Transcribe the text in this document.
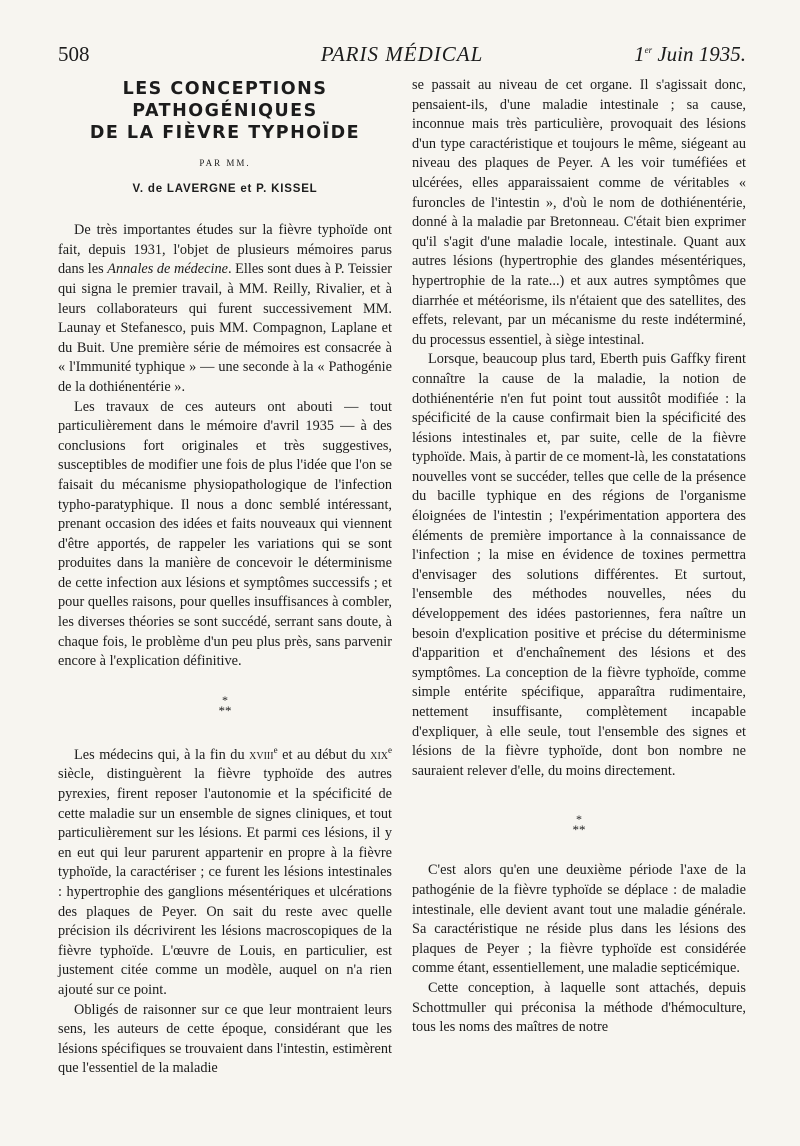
508	PARIS MÉDICAL	1er Juin 1935.
LES CONCEPTIONS
PATHOGÉNIQUES
DE LA FIÈVRE TYPHOÏDE
PAR MM.
V. de LAVERGNE et P. KISSEL

De très importantes études sur la fièvre typhoïde ont fait, depuis 1931, l'objet de plusieurs mémoires parus dans les Annales de médecine. Elles sont dues à P. Teissier qui signa le premier travail, à MM. Reilly, Rivalier, et à leurs collaborateurs qui furent successivement MM. Launay et Stefanesco, puis MM. Compagnon, Laplane et du Buit. Une première série de mémoires est consacrée à « l'Immunité typhique » — une seconde à la « Pathogénie de la dothiénentérie ».

Les travaux de ces auteurs ont abouti — tout particulièrement dans le mémoire d'avril 1935 — à des conclusions fort originales et très suggestives, susceptibles de modifier une fois de plus l'idée que l'on se faisait du mécanisme physiopathologique de l'infection typho-paratyphique. Il nous a donc semblé intéressant, prenant occasion des idées et faits nouveaux qui viennent d'être apportés, de rappeler les variations qui se sont produites dans la manière de concevoir le déterminisme de cette infection aux lésions et symptômes successifs ; et pour quelles raisons, pour quelles insuffisances à combler, les diverses théories se sont succédé, serrant sans doute, à chaque fois, le problème d'un peu plus près, sans parvenir encore à l'explication définitive.

*
**

Les médecins qui, à la fin du xviii$^e$ et au début du xix$^e$ siècle, distinguèrent la fièvre typhoïde des autres pyrexies, firent reposer l'autonomie et la spécificité de cette maladie sur un ensemble de signes cliniques, et tout particulièrement sur les lésions. Et parmi ces lésions, il y en eut qui leur parurent appartenir en propre à la fièvre typhoïde, la caractériser ; ce furent les lésions intestinales : hypertrophie des ganglions mésentériques et ulcérations des plaques de Peyer. On sait du reste avec quelle précision ils décrivirent les lésions macroscopiques de la fièvre typhoïde. L'œuvre de Louis, en particulier, est justement citée comme un modèle, auquel on n'a rien ajouté sur ce point.

Obligés de raisonner sur ce que leur montraient leurs sens, les auteurs de cette époque, considérant que les lésions spécifiques se trouvaient dans l'intestin, estimèrent que l'essentiel de la maladie

se passait au niveau de cet organe. Il s'agissait donc, pensaient-ils, d'une maladie intestinale ; sa cause, inconnue mais très particulière, provoquait des lésions d'un type caractéristique et toujours le même, siégeant au niveau des plaques de Peyer. A les voir tuméfiées et ulcérées, elles apparaissaient comme de véritables « furoncles de l'intestin », d'où le nom de dothiénentérie, donné à la maladie par Bretonneau. C'était bien exprimer qu'il s'agit d'une maladie locale, intestinale. Quant aux autres lésions (hypertrophie des glandes mésentériques, hypertrophie de la rate...) et aux autres symptômes que diarrhée et météorisme, ils n'étaient que des satellites, des effets, relevant, par un mécanisme du reste indéterminé, du processus essentiel, à siège intestinal.

Lorsque, beaucoup plus tard, Eberth puis Gaffky firent connaître la cause de la maladie, la notion de dothiénentérie n'en fut point tout aussitôt modifiée : la spécificité de la cause confirmait bien la spécificité des lésions intestinales et, par suite, celle de la fièvre typhoïde. Mais, à partir de ce moment-là, les constatations nouvelles vont se succéder, telles que celle de la présence du bacille typhique en des régions de l'organisme éloignées de l'intestin ; l'expérimentation apportera des éléments de première importance à la connaissance de l'infection ; la mise en évidence de toxines permettra d'envisager des solutions différentes. Et surtout, l'ensemble des méthodes nouvelles, nées du développement des idées pastoriennes, fera naître un besoin d'explication positive et précise du déterminisme d'apparition et d'enchaînement des lésions et des symptômes. La conception de la fièvre typhoïde, comme simple entérite spécifique, apparaîtra rudimentaire, nettement insuffisante, complètement incapable d'expliquer, à elle seule, tout l'ensemble des signes et lésions de la fièvre typhoïde, dont bon nombre ne sauraient relever d'elle, du moins directement.

*
**

C'est alors qu'en une deuxième période l'axe de la pathogénie de la fièvre typhoïde se déplace : de maladie intestinale, elle devient avant tout une maladie générale. Sa caractéristique ne réside plus dans les lésions des plaques de Peyer ; la fièvre typhoïde est considérée comme étant, essentiellement, une maladie septicémique.

Cette conception, à laquelle sont attachés, depuis Schottmuller qui préconisa la méthode d'hémoculture, tous les noms des maîtres de notre
